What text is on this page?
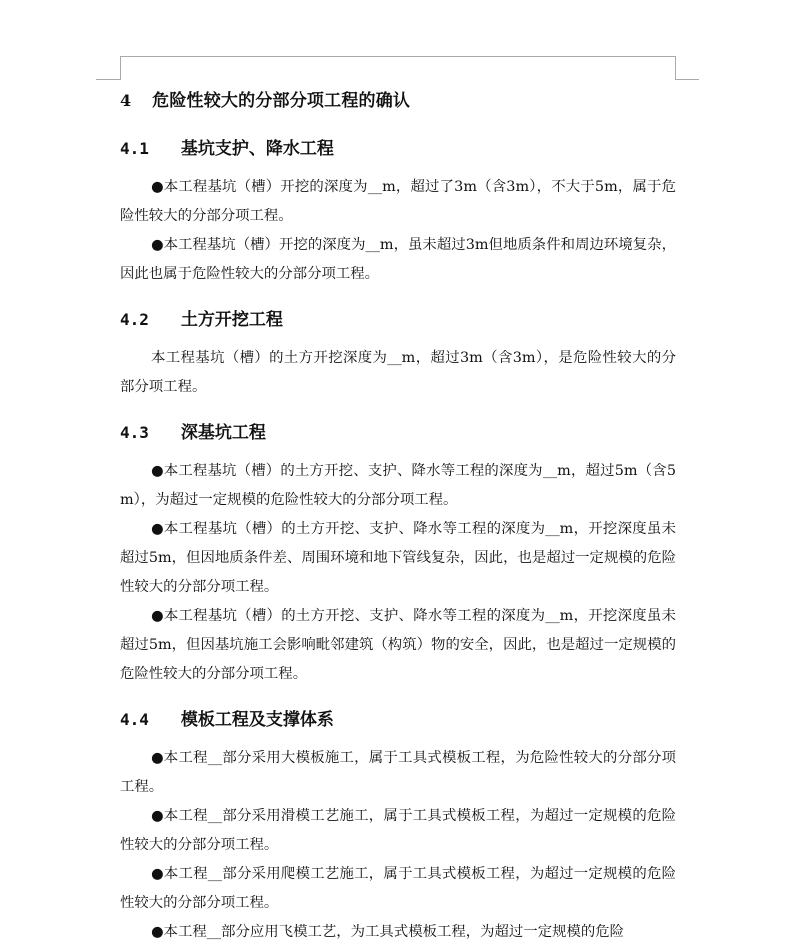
4 危险性较大的分部分项工程的确认
4.1 基坑支护、降水工程

●本工程基坑（槽）开挖的深度为__m，超过了3m（含3m），不大于5m，属于危险性较大的分部分项工程。

●本工程基坑（槽）开挖的深度为__m，虽未超过3m但地质条件和周边环境复杂，因此也属于危险性较大的分部分项工程。

4.2 土方开挖工程

本工程基坑（槽）的土方开挖深度为__m，超过3m（含3m），是危险性较大的分部分项工程。

4.3 深基坑工程

●本工程基坑（槽）的土方开挖、支护、降水等工程的深度为__m，超过5m（含5m），为超过一定规模的危险性较大的分部分项工程。

●本工程基坑（槽）的土方开挖、支护、降水等工程的深度为__m，开挖深度虽未超过5m，但因地质条件差、周围环境和地下管线复杂，因此，也是超过一定规模的危险性较大的分部分项工程。

●本工程基坑（槽）的土方开挖、支护、降水等工程的深度为__m，开挖深度虽未超过5m，但因基坑施工会影响毗邻建筑（构筑）物的安全，因此，也是超过一定规模的危险性较大的分部分项工程。

4.4 模板工程及支撑体系

●本工程__部分采用大模板施工，属于工具式模板工程，为危险性较大的分部分项工程。

●本工程__部分采用滑模工艺施工，属于工具式模板工程，为超过一定规模的危险性较大的分部分项工程。

●本工程__部分采用爬模工艺施工，属于工具式模板工程，为超过一定规模的危险性较大的分部分项工程。

●本工程__部分应用飞模工艺，为工具式模板工程，为超过一定规模的危险
